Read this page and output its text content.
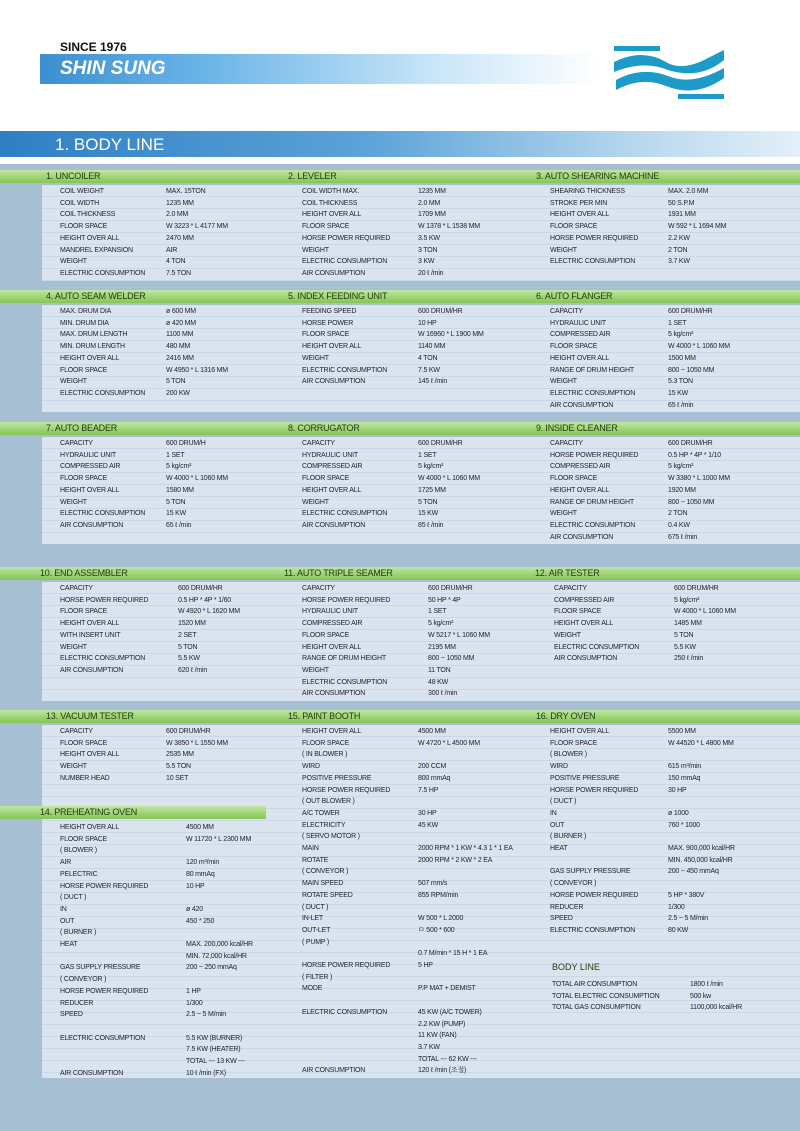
SINCE 1976
SHIN SUNG
1. BODY LINE
1. UNCOILER	2. LEVELER	3. AUTO SHEARING MACHINE
COIL WEIGHT	MAX. 15TON
COIL WIDTH	1235 MM
COIL THICKNESS	2.0 MM
FLOOR SPACE	W 3223 * L 4177 MM
HEIGHT OVER ALL	2470 MM
MANDREL EXPANSION	AIR
WEIGHT	4 TON
ELECTRIC CONSUMPTION	7.5 TON
COIL WIDTH MAX.	1235 MM
COIL THICKNESS	2.0 MM
HEIGHT OVER ALL	1709 MM
FLOOR SPACE	W 1378 * L 1538 MM
HORSE POWER REQUIRED	3.5 KW
WEIGHT	3 TON
ELECTRIC CONSUMPTION	3 KW
AIR CONSUMPTION	20 ℓ /min
SHEARING THICKNESS	MAX. 2.0 MM
STROKE PER MIN	50 S.P.M
HEIGHT OVER ALL	1931 MM
FLOOR SPACE	W 592 * L 1694 MM
HORSE POWER REQUIRED	2.2 KW
WEIGHT	2 TON
ELECTRIC CONSUMPTION	3.7 KW
4. AUTO SEAM WELDER	5. INDEX FEEDING UNIT	6. AUTO FLANGER
MAX. DRUM DIA	ø 600 MM
MIN. DRUM DIA	ø 420 MM
MAX. DRUM LENGTH	1100 MM
MIN. DRUM LENGTH	480 MM
HEIGHT OVER ALL	2416 MM
FLOOR SPACE	W 4950 * L 1316 MM
WEIGHT	5 TON
ELECTRIC CONSUMPTION	200 KW
FEEDING SPEED	600 DRUM/HR
HORSE POWER	10 HP
FLOOR SPACE	W 16960 * L 1900 MM
HEIGHT OVER ALL	1140 MM
WEIGHT	4 TON
ELECTRIC CONSUMPTION	7.5 KW
AIR CONSUMPTION	145 ℓ /min
CAPACITY	600 DRUM/HR
HYDRAULIC UNIT	1 SET
COMPRESSED AIR	5 kg/cm²
FLOOR SPACE	W 4000 * L 1060 MM
HEIGHT OVER ALL	1500 MM
RANGE OF DRUM HEIGHT	800 ~ 1050 MM
WEIGHT	5.3 TON
ELECTRIC CONSUMPTION	15 KW
AIR CONSUMPTION	65 ℓ /min
7. AUTO BEADER	8. CORRUGATOR	9. INSIDE CLEANER
CAPACITY	600 DRUM/H
HYDRAULIC UNIT	1 SET
COMPRESSED AIR	5 kg/cm²
FLOOR SPACE	W 4000 * L 1060 MM
HEIGHT OVER ALL	1580 MM
WEIGHT	5 TON
ELECTRIC CONSUMPTION	15 KW
AIR CONSUMPTION	65 ℓ /min
CAPACITY	600 DRUM/HR
HYDRAULIC UNIT	1 SET
COMPRESSED AIR	5 kg/cm²
FLOOR SPACE	W 4000 * L 1060 MM
HEIGHT OVER ALL	1725 MM
WEIGHT	5 TON
ELECTRIC CONSUMPTION	15 KW
AIR CONSUMPTION	85 ℓ /min
CAPACITY	600 DRUM/HR
HORSE POWER REQUIRED	0.5 HP * 4P * 1/10
COMPRESSED AIR	5 kg/cm²
FLOOR SPACE	W 3380 * L 1000 MM
HEIGHT OVER ALL	1920 MM
RANGE OF DRUM HEIGHT	800 ~ 1050 MM
WEIGHT	2 TON
ELECTRIC CONSUMPTION	0.4 KW
AIR CONSUMPTION	675 ℓ /min
10. END ASSEMBLER	11. AUTO TRIPLE SEAMER	12. AIR TESTER
CAPACITY	600 DRUM/HR
HORSE POWER REQUIRED	0.5 HP * 4P * 1/60
FLOOR SPACE	W 4920 * L 1620 MM
HEIGHT OVER ALL	1520 MM
WITH INSERT UNIT	2 SET
WEIGHT	5 TON
ELECTRIC CONSUMPTION	5.5 KW
AIR CONSUMPTION	620 ℓ /min
CAPACITY	600 DRUM/HR
HORSE POWER REQUIRED	50 HP * 4P
HYDRAULIC UNIT	1 SET
COMPRESSED AIR	5 kg/cm²
FLOOR SPACE	W 5217 * L 1060 MM
HEIGHT OVER ALL	2195 MM
RANGE OF DRUM HEIGHT	800 ~ 1050 MM
WEIGHT	11 TON
ELECTRIC CONSUMPTION	48 KW
AIR CONSUMPTION	300 ℓ /min
CAPACITY	600 DRUM/HR
COMPRESSED AIR	5 kg/cm²
FLOOR SPACE	W 4000 * L 1060 MM
HEIGHT OVER ALL	1485 MM
WEIGHT	5 TON
ELECTRIC CONSUMPTION	5.5 KW
AIR CONSUMPTION	250 ℓ /min
13. VACUUM TESTER	15. PAINT BOOTH	16. DRY OVEN
CAPACITY	600 DRUM/HR
FLOOR SPACE	W 3850 * L 1550 MM
HEIGHT OVER ALL	2535 MM
WEIGHT	5.5 TON
NUMBER HEAD	10 SET
HEIGHT OVER ALL	4500 MM
FLOOR SPACE	W 4720 * L 4500 MM
( IN BLOWER )
WIRD	200 CCM
POSITIVE PRESSURE	800 mmAq
HORSE POWER REQUIRED	7.5 HP
( OUT BLOWER )
A/C TOWER	30 HP
ELECTRICITY	45 KW
( SERVO MOTOR )
MAIN	2000 RPM * 1 KW * 4.3 1 * 1 EA
ROTATE	2000 RPM * 2 KW * 2 EA
( CONVEYOR )
MAIN SPEED	507 mm/s
ROTATE SPEED	855 RPM/min
( DUCT )
IN-LET	W 500 * L 2000
OUT-LET	ㅁ 500 * 600
( PUMP )
0.7 M/min * 15 H * 1 EA
HORSE POWER REQUIRED	5 HP
( FILTER )
MODE	P.P MAT + DEMIST
ELECTRIC CONSUMPTION	45 KW (A/C TOWER)
2.2 KW (PUMP)
11 KW (FAN)
3.7 KW
TOTAL --- 62 KW ---
AIR CONSUMPTION	120 ℓ /min (조절)
HEIGHT OVER ALL	5500 MM
FLOOR SPACE	W 44520 * L 4800 MM
( BLOWER )
WIRD	615 m³/min
POSITIVE PRESSURE	150 mmAq
HORSE POWER REQUIRED	30 HP
( DUCT )
IN	ø 1000
OUT	760 * 1000
( BURNER )
HEAT	MAX. 900,000 kcal/HR
MIN. 450,000 kcal/HR
GAS SUPPLY PRESSURE	200 ~ 450 mmAq
( CONVEYOR )
HORSE POWER REQUIRED	5 HP * 380V
REDUCER	1/300
SPEED	2.5 ~ 5 M/min
ELECTRIC CONSUMPTION	80 KW
14. PREHEATING OVEN
HEIGHT OVER ALL	4500 MM
FLOOR SPACE	W 11720 * L 2300 MM
( BLOWER )
AIR	120 m³/min
PELECTRIC	80 mmAq
HORSE POWER REQUIRED	10 HP
( DUCT )
IN	ø 420
OUT	450 * 250
( BURNER )
HEAT	MAX. 200,000 kcal/HR
MIN. 72,000 kcal/HR
GAS SUPPLY PRESSURE	200 ~ 250 mmAq
( CONVEYOR )
HORSE POWER REQUIRED	1 HP
REDUCER	1/300
SPEED	2.5 ~ 5 M/min
ELECTRIC CONSUMPTION	5.5 KW (BURNER)
7.5 KW (HEATER)
TOTAL --- 13 KW ---
AIR CONSUMPTION	10 ℓ /min (FX)
BODY LINE
TOTAL AIR CONSUMPTION	1800 ℓ /min
TOTAL ELECTRIC CONSUMPTION	500 kw
TOTAL GAS CONSUMPTION	1100,000 kcal/HR
